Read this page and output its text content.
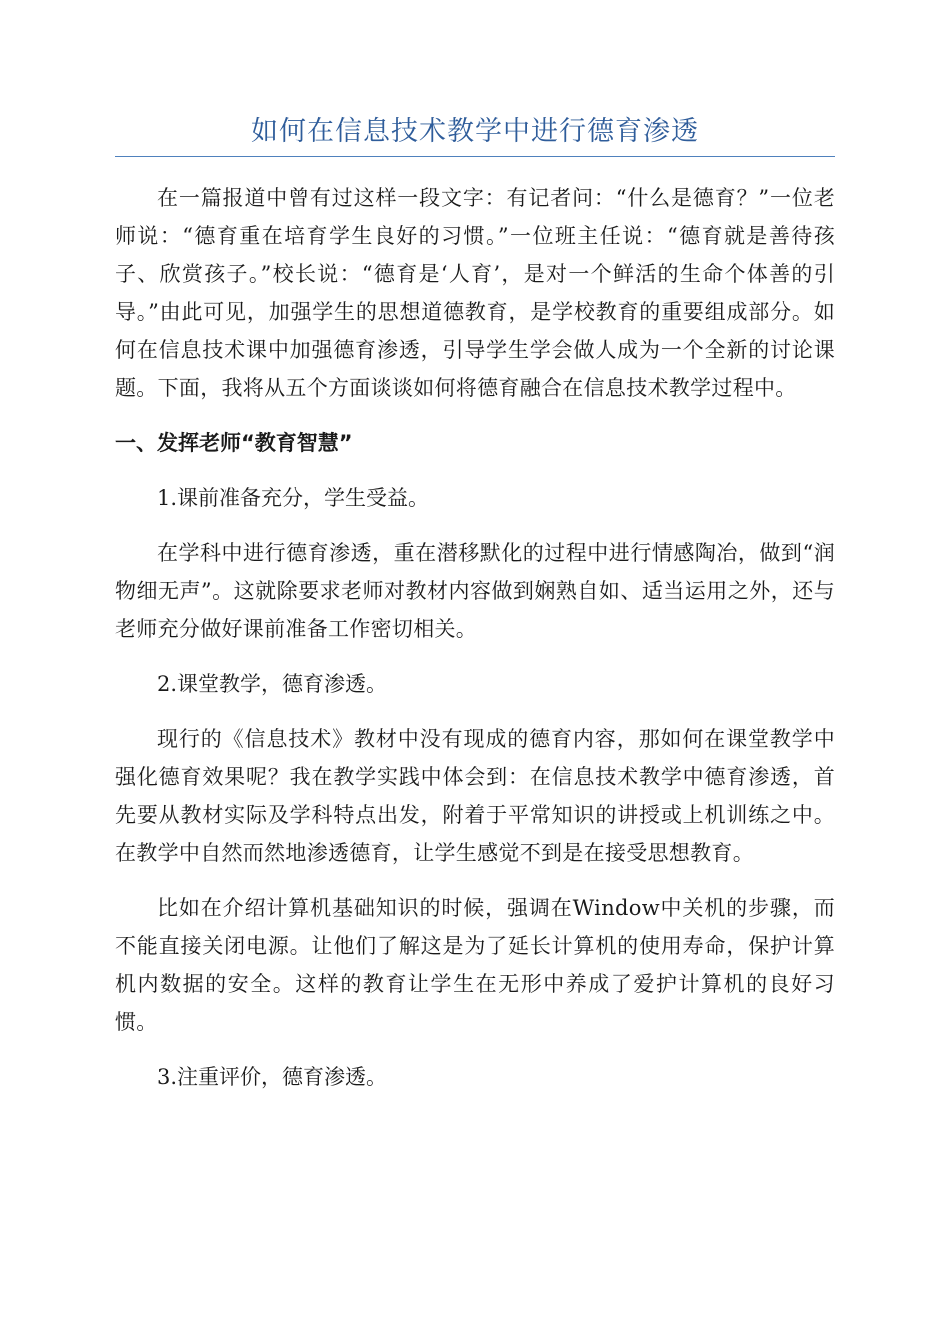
如何在信息技术教学中进行德育渗透

在一篇报道中曾有过这样一段文字：有记者问：“什么是德育？”一位老师说：“德育重在培育学生良好的习惯。”一位班主任说：“德育就是善待孩子、欣赏孩子。”校长说：“德育是‘人育’，是对一个鲜活的生命个体善的引导。”由此可见，加强学生的思想道德教育，是学校教育的重要组成部分。如何在信息技术课中加强德育渗透，引导学生学会做人成为一个全新的讨论课题。下面，我将从五个方面谈谈如何将德育融合在信息技术教学过程中。

一、发挥老师“教育智慧”

1.课前准备充分，学生受益。

在学科中进行德育渗透，重在潜移默化的过程中进行情感陶冶，做到“润物细无声”。这就除要求老师对教材内容做到娴熟自如、适当运用之外，还与老师充分做好课前准备工作密切相关。

2.课堂教学，德育渗透。

现行的《信息技术》教材中没有现成的德育内容，那如何在课堂教学中强化德育效果呢？我在教学实践中体会到：在信息技术教学中德育渗透，首先要从教材实际及学科特点出发，附着于平常知识的讲授或上机训练之中。在教学中自然而然地渗透德育，让学生感觉不到是在接受思想教育。

比如在介绍计算机基础知识的时候，强调在Window中关机的步骤，而不能直接关闭电源。让他们了解这是为了延长计算机的使用寿命，保护计算机内数据的安全。这样的教育让学生在无形中养成了爱护计算机的良好习惯。

3.注重评价，德育渗透。
